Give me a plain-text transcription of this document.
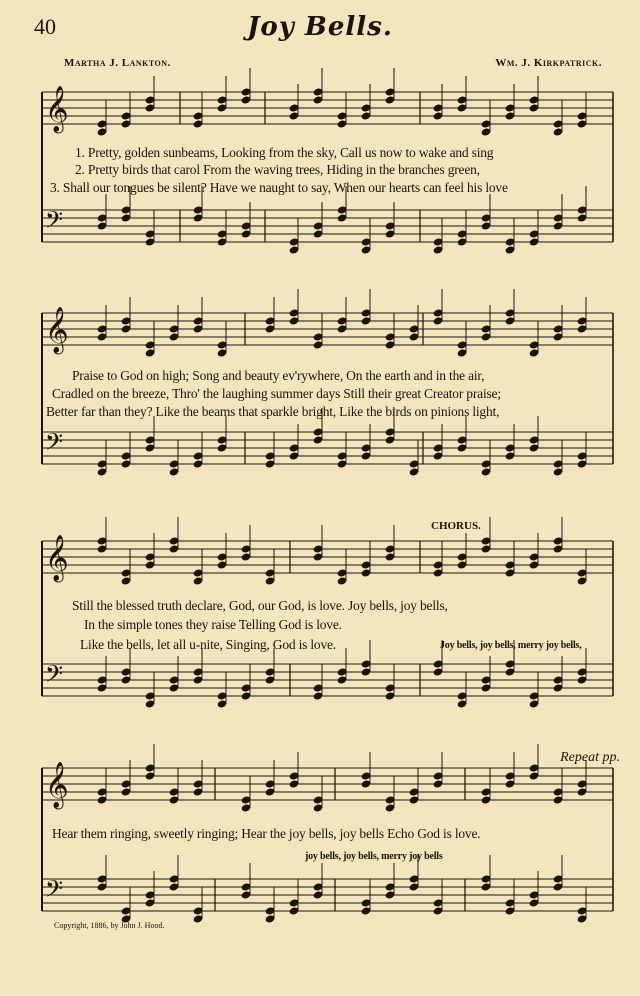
40	Joy Bells.
Martha J. Lankton.	Wm. J. Kirkpatrick.
𝄞
𝄢
𝄞
𝄢
𝄞
𝄢
𝄞
𝄢
1. Pretty, golden sunbeams, Looking from the sky, Call us now to wake and sing
2. Pretty birds that carol From the waving trees, Hiding in the branches green,
3. Shall our tongues be silent? Have we naught to say, When our hearts can feel his love
Praise to God on high; Song and beauty ev'rywhere, On the earth and in the air,
Cradled on the breeze, Thro' the laughing summer days Still their great Creator praise;
Better far than they? Like the beams that sparkle bright, Like the birds on pinions light,
CHORUS.
Still the blessed truth declare, God, our God, is love. Joy bells, joy bells,
In the simple tones they raise Telling God is love.
Like the bells, let all u-nite, Singing, God is love.	Joy bells, joy bells, merry joy bells,
Repeat pp.
Hear them ringing, sweetly ringing; Hear the joy bells, joy bells Echo God is love.
joy bells, joy bells, merry joy bells
Copyright, 1886, by John J. Hood.
